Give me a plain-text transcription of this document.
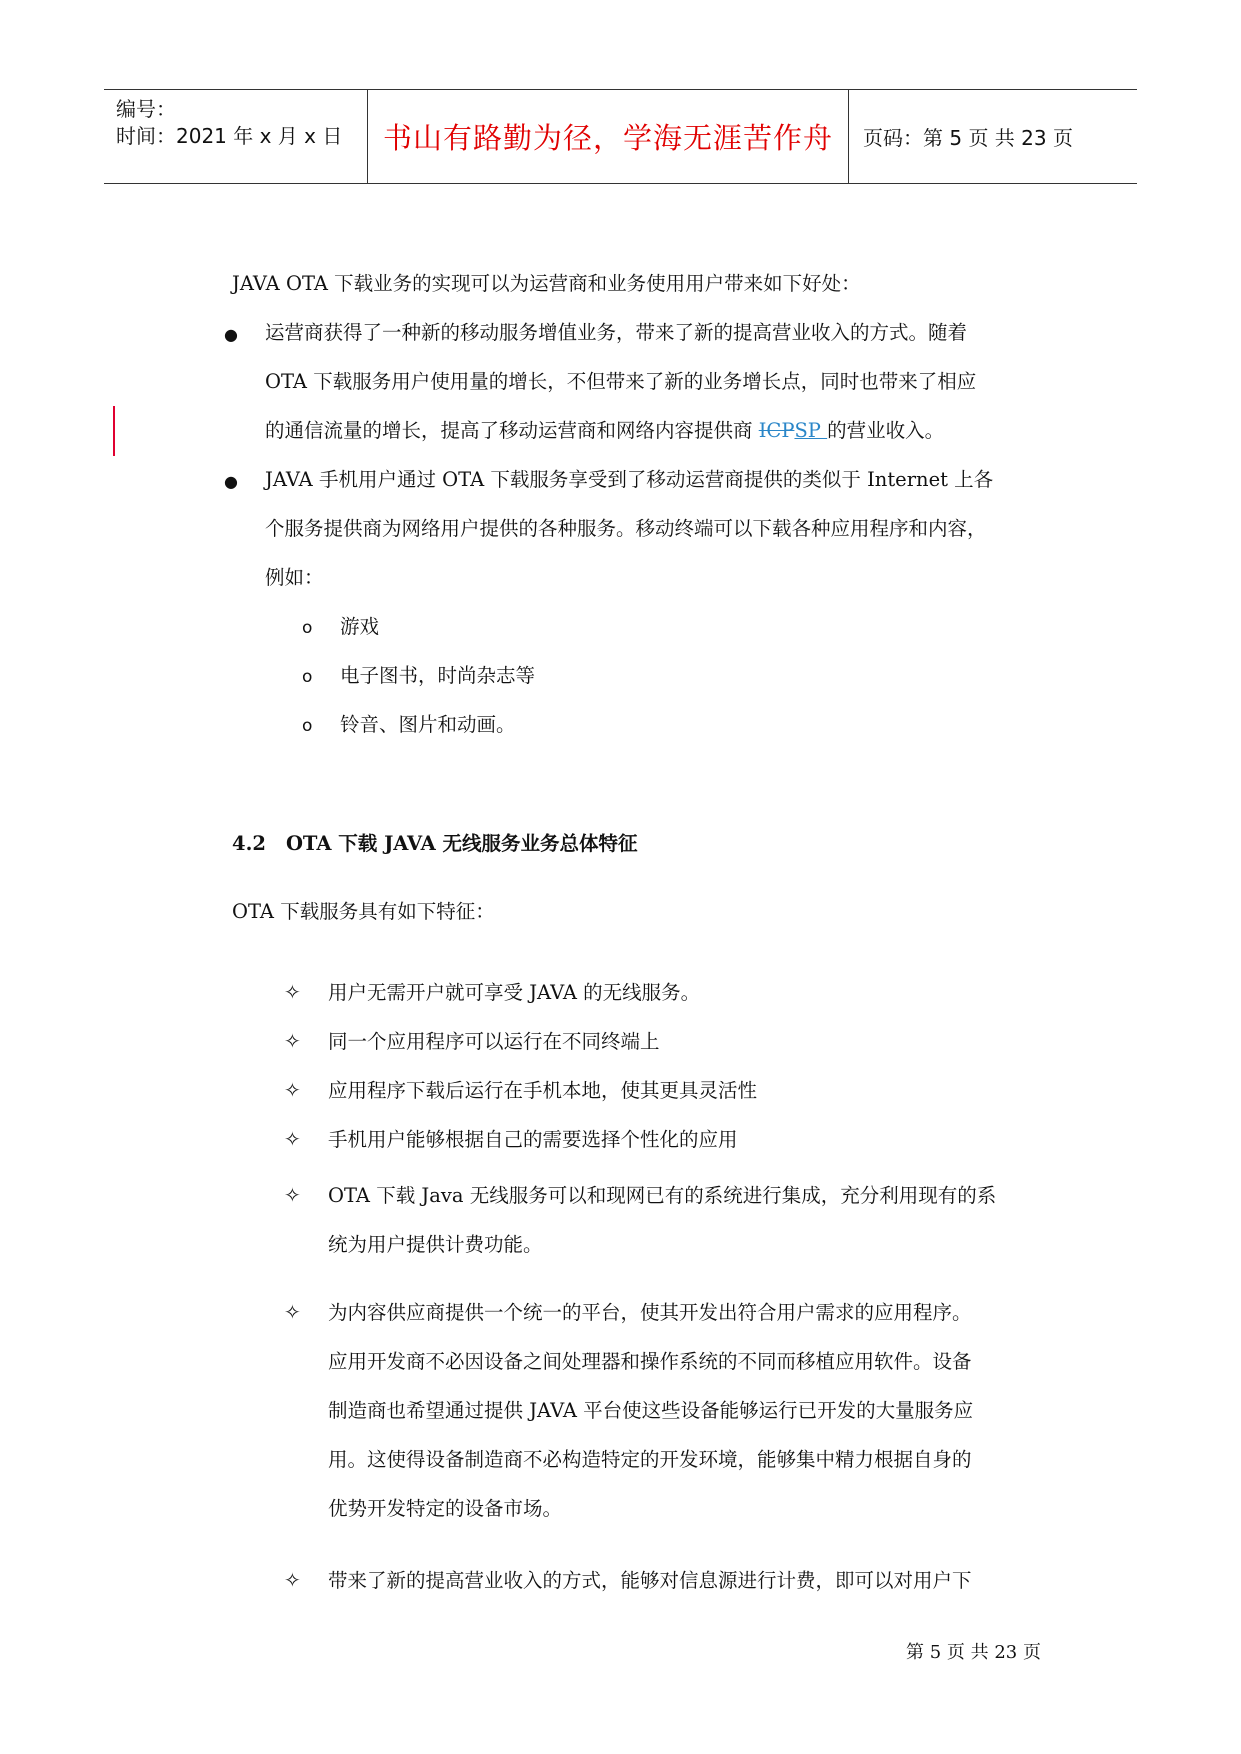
编号：
时间：2021 年 x 月 x 日	书山有路勤为径，学海无涯苦作舟	页码：第 5 页 共 23 页
JAVA OTA 下载业务的实现可以为运营商和业务使用用户带来如下好处：
● 运营商获得了一种新的移动服务增值业务，带来了新的提高营业收入的方式。随着
OTA 下载服务用户使用量的增长，不但带来了新的业务增长点，同时也带来了相应
的通信流量的增长，提高了移动运营商和网络内容提供商 ICPSP 的营业收入。
● JAVA 手机用户通过 OTA 下载服务享受到了移动运营商提供的类似于 Internet 上各
个服务提供商为网络用户提供的各种服务。移动终端可以下载各种应用程序和内容，
例如：
o 游戏
o 电子图书，时尚杂志等
o 铃音、图片和动画。
4.2 OTA 下载 JAVA 无线服务业务总体特征
OTA 下载服务具有如下特征：
✧ 用户无需开户就可享受 JAVA 的无线服务。
✧ 同一个应用程序可以运行在不同终端上
✧ 应用程序下载后运行在手机本地，使其更具灵活性
✧ 手机用户能够根据自己的需要选择个性化的应用
✧ OTA 下载 Java 无线服务可以和现网已有的系统进行集成，充分利用现有的系
统为用户提供计费功能。
✧ 为内容供应商提供一个统一的平台，使其开发出符合用户需求的应用程序。
应用开发商不必因设备之间处理器和操作系统的不同而移植应用软件。设备
制造商也希望通过提供 JAVA 平台使这些设备能够运行已开发的大量服务应
用。这使得设备制造商不必构造特定的开发环境，能够集中精力根据自身的
优势开发特定的设备市场。
✧ 带来了新的提高营业收入的方式，能够对信息源进行计费，即可以对用户下
第 5 页 共 23 页
